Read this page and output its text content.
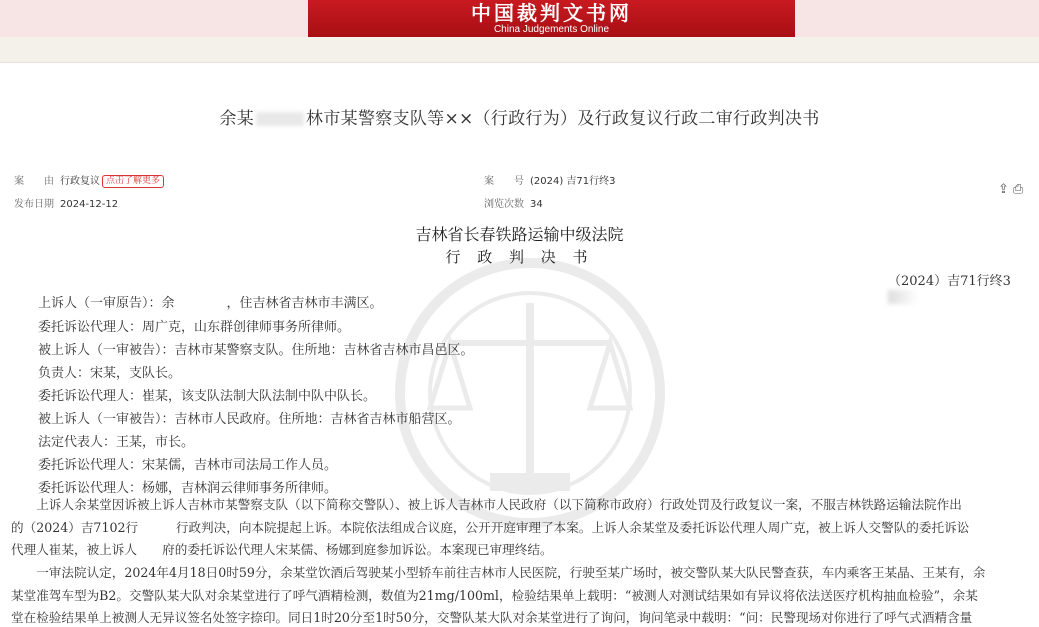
中国裁判文书网
China Judgements Online
余某	林市某警察支队等××（行政行为）及行政复议行政二审行政判决书
案　　由 行政复议 点击了解更多	案　　号 (2024) 吉71行终3
发布日期 2024-12-12	浏览次数 34
⇪ ⎙
吉林省长春铁路运输中级法院
行 政 判 决 书
（2024）吉71行终3
上诉人（一审原告）：余　　　　，住吉林省吉林市丰满区。
委托诉讼代理人：周广克，山东群创律师事务所律师。
被上诉人（一审被告）：吉林市某警察支队。住所地：吉林省吉林市昌邑区。
负责人：宋某，支队长。
委托诉讼代理人：崔某，该支队法制大队法制中队中队长。
被上诉人（一审被告）：吉林市人民政府。住所地：吉林省吉林市船营区。
法定代表人：王某，市长。
委托诉讼代理人：宋某儒，吉林市司法局工作人员。
委托诉讼代理人：杨娜，吉林润云律师事务所律师。
　　上诉人余某堂因诉被上诉人吉林市某警察支队（以下简称交警队）、被上诉人吉林市人民政府（以下简称市政府）行政处罚及行政复议一案，不服吉林铁路运输法院作出
的（2024）吉7102行　　　行政判决，向本院提起上诉。本院依法组成合议庭，公开开庭审理了本案。上诉人余某堂及委托诉讼代理人周广克，被上诉人交警队的委托诉讼
代理人崔某，被上诉人　　府的委托诉讼代理人宋某儒、杨娜到庭参加诉讼。本案现已审理终结。
　　一审法院认定，2024年4月18日0时59分，余某堂饮酒后驾驶某小型轿车前往吉林市人民医院，行驶至某广场时，被交警队某大队民警查获，车内乘客王某晶、王某有，余
某堂准驾车型为B2。交警队某大队对余某堂进行了呼气酒精检测，数值为21mg/100ml，检验结果单上载明：“被测人对测试结果如有异议将依法送医疗机构抽血检验”，余某
堂在检验结果单上被测人无异议签名处签字捺印。同日1时20分至1时50分，交警队某大队对余某堂进行了询问，询问笔录中载明：“问：民警现场对你进行了呼气式酒精含量
